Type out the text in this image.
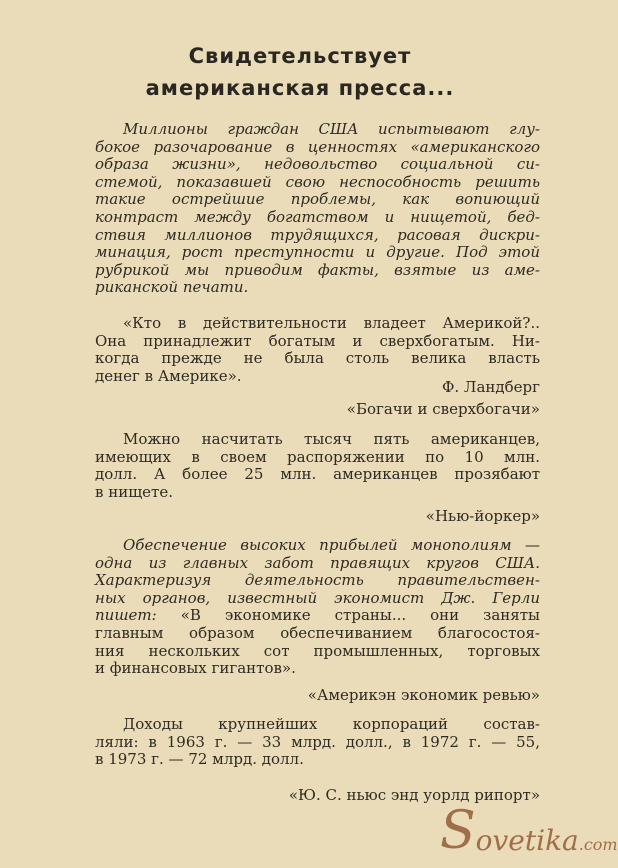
Свидетельствует
американская пресса...
Миллионы граждан США испытывают глу-
бокое разочарование в ценностях «американского
образа жизни», недовольство социальной си-
стемой, показавшей свою неспособность решить
такие острейшие проблемы, как вопиющий
контраст между богатством и нищетой, бед-
ствия миллионов трудящихся, расовая дискри-
минация, рост преступности и другие. Под этой
рубрикой мы приводим факты, взятые из аме-
риканской печати.
«Кто в действительности владеет Америкой?..
Она принадлежит богатым и сверхбогатым. Ни-
когда прежде не была столь велика власть
денег в Америке».
Ф. Ландберг
«Богачи и сверхбогачи»
Можно насчитать тысяч пять американцев,
имеющих в своем распоряжении по 10 млн.
долл. А более 25 млн. американцев прозябают
в нищете.
«Нью-йоркер»
Обеспечение высоких прибылей монополиям —
одна из главных забот правящих кругов США.
Характеризуя деятельность правительствен-
ных органов, известный экономист Дж. Герли
пишет: «В экономике страны... они заняты
главным образом обеспечиванием благосостоя-
ния нескольких сот промышленных, торговых
и финансовых гигантов».
«Америкэн экономик ревью»
Доходы крупнейших корпораций состав-
ляли: в 1963 г. — 33 млрд. долл., в 1972 г. — 55,
в 1973 г. — 72 млрд. долл.
«Ю. С. ньюс энд уорлд рипорт»
Sovetika.com
